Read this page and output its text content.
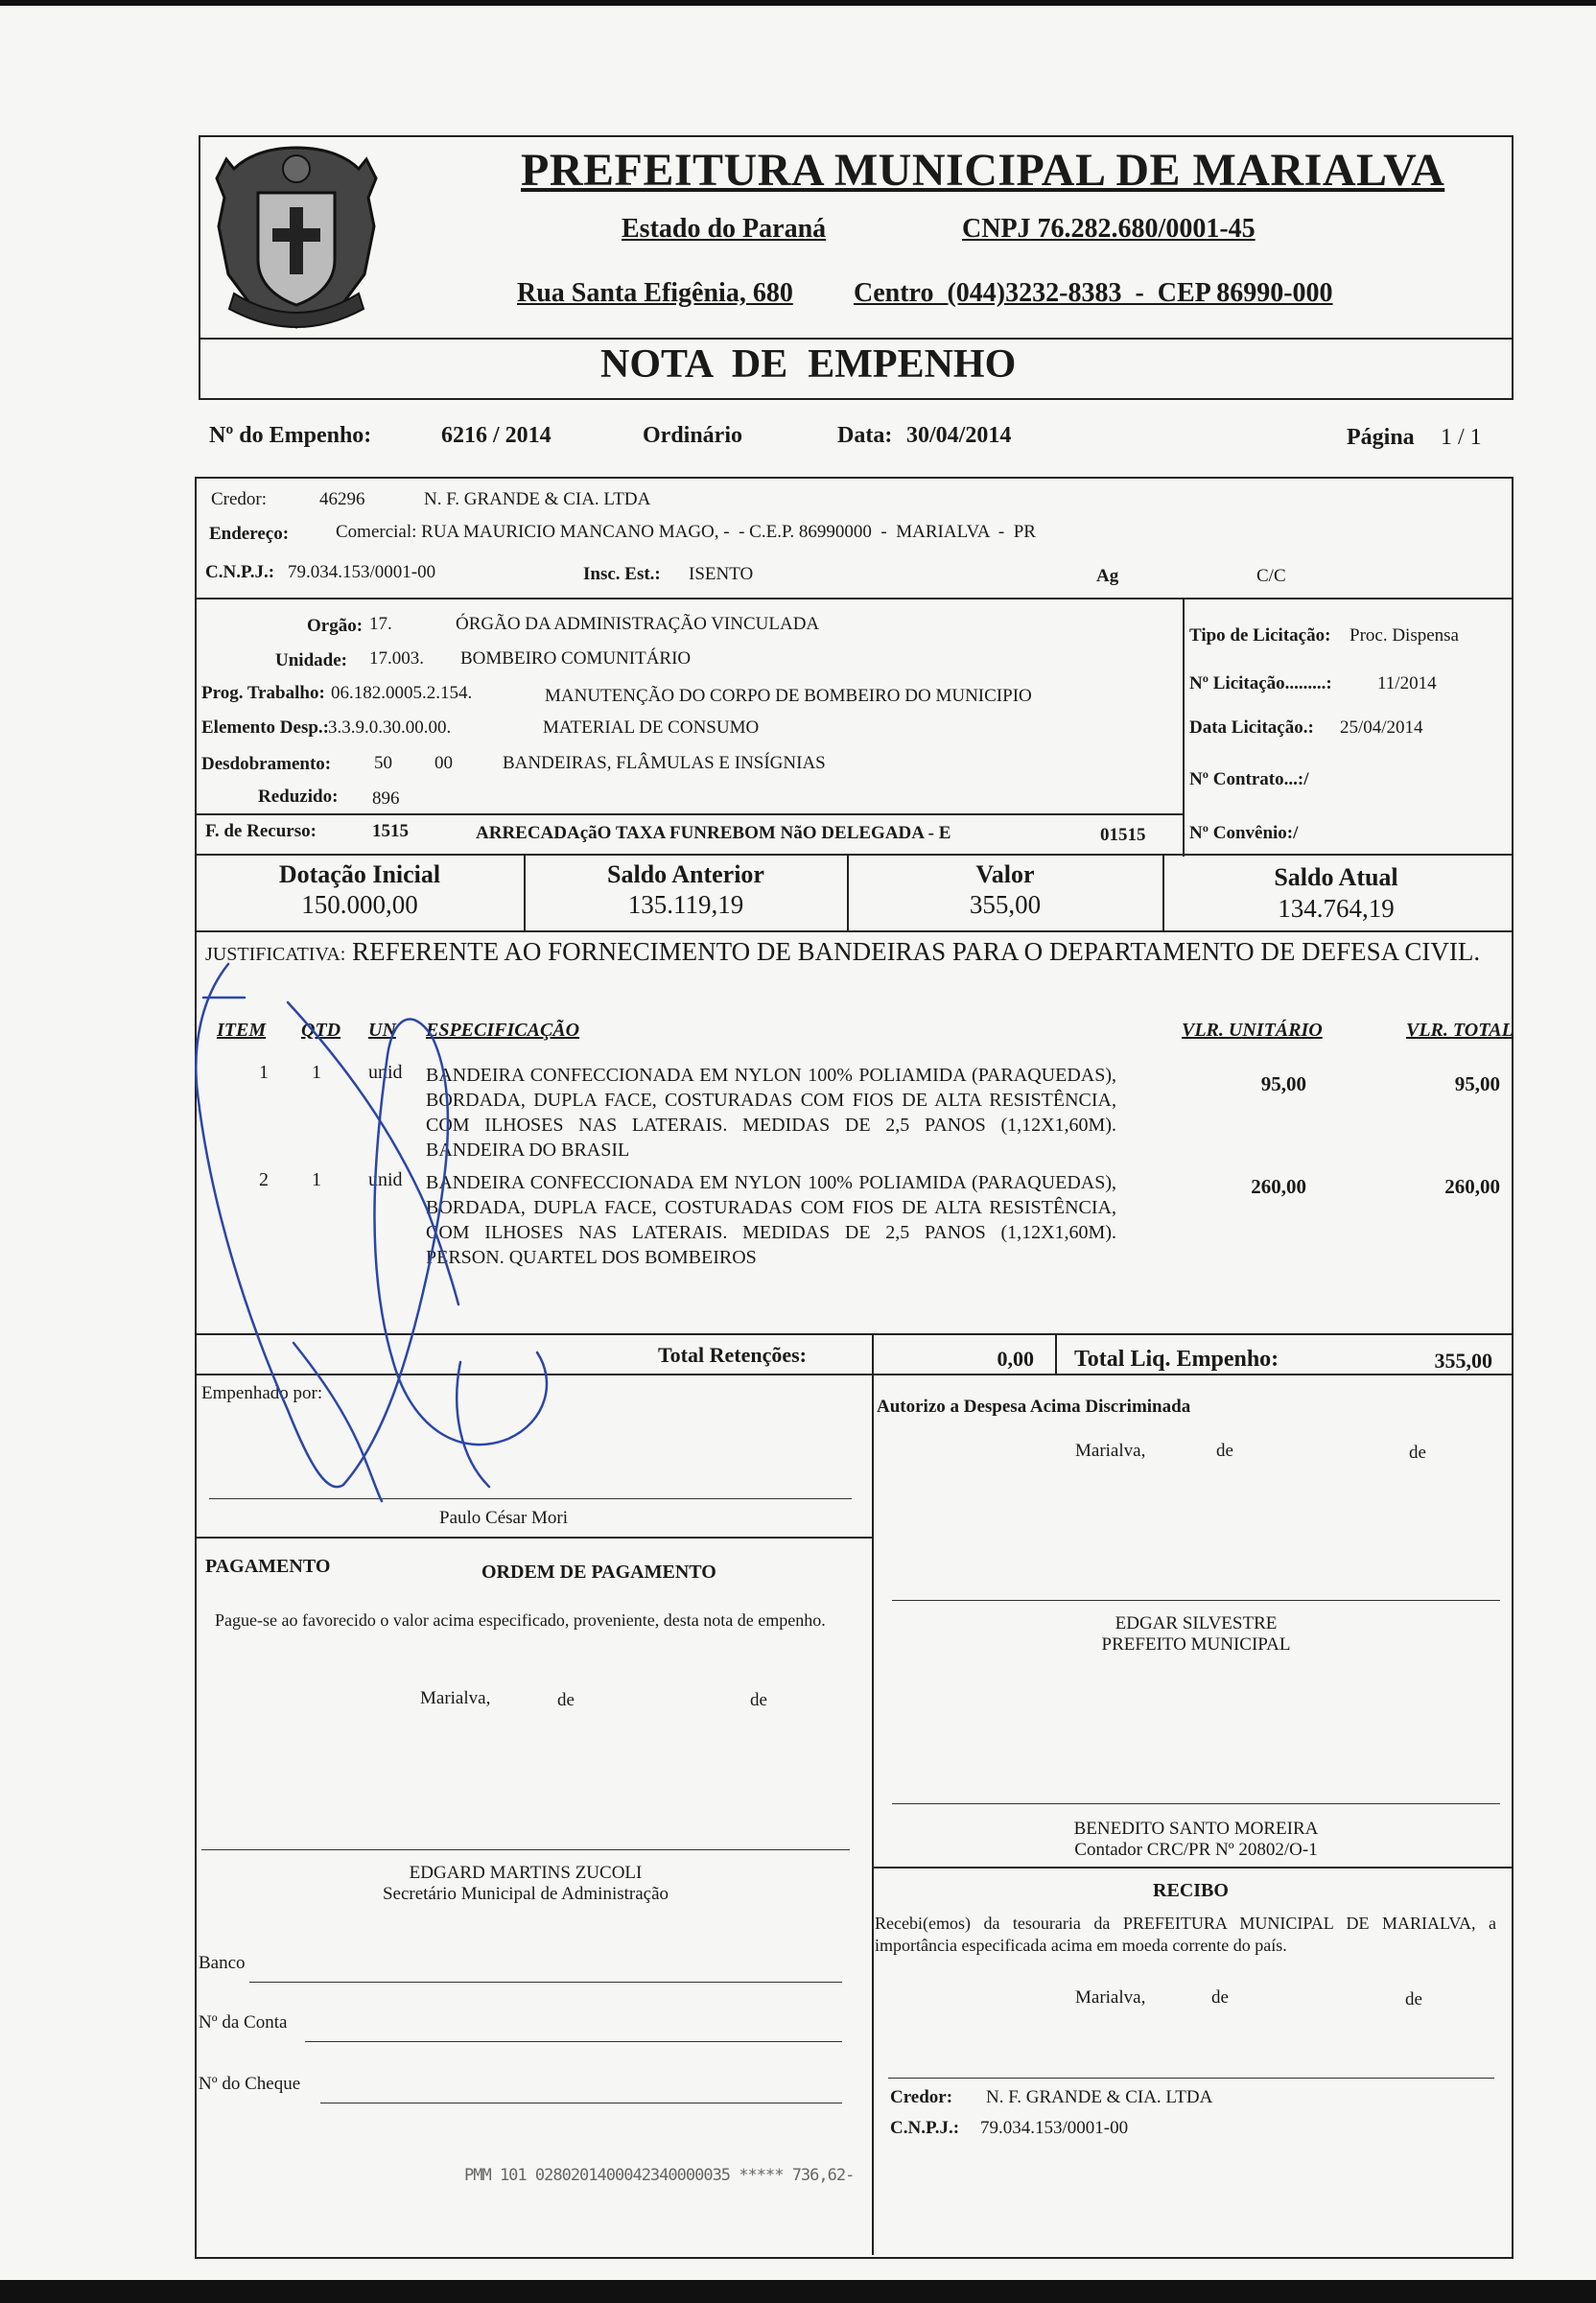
PREFEITURA MUNICIPAL DE MARIALVA
Estado do Paraná	CNPJ 76.282.680/0001-45
Rua Santa Efigênia, 680 Centro  (044)3232-8383  -  CEP 86990-000
NOTA  DE  EMPENHO
Nº do Empenho:	6216 / 2014	Ordinário	Data: 30/04/2014	Página 1 / 1
Credor:	46296	N. F. GRANDE & CIA. LTDA
Endereço:	Comercial: RUA MAURICIO MANCANO MAGO, -  - C.E.P. 86990000  -  MARIALVA  -  PR
C.N.P.J.: 79.034.153/0001-00	Insc. Est.: ISENTO	Ag	C/C
Orgão: 17.	ÓRGÃO DA ADMINISTRAÇÃO VINCULADA
Unidade: 17.003. BOMBEIRO COMUNITÁRIO
Prog. Trabalho: 06.182.0005.2.154.	MANUTENÇÃO DO CORPO DE BOMBEIRO DO MUNICIPIO
Elemento Desp.: 3.3.9.0.30.00.00.	MATERIAL DE CONSUMO
Desdobramento: 50 00	BANDEIRAS, FLÂMULAS E INSÍGNIAS
Reduzido: 896
F. de Recurso:	1515	ARRECADAçãO TAXA FUNREBOM NãO DELEGADA - E	01515
Tipo de Licitação: Proc. Dispensa
Nº Licitação.........: 11/2014
Data Licitação.: 25/04/2014
Nº Contrato...:/
Nº Convênio:/
Dotação Inicial
150.000,00
Saldo Anterior
135.119,19
Valor
355,00
Saldo Atual
134.764,19
JUSTIFICATIVA: REFERENTE AO FORNECIMENTO DE BANDEIRAS PARA O DEPARTAMENTO DE DEFESA CIVIL.
ITEM QTD UN ESPECIFICAÇÃO	VLR. UNITÁRIO	VLR. TOTAL
1 1 unid BANDEIRA CONFECCIONADA EM NYLON 100% POLIAMIDA (PARAQUEDAS), BORDADA, DUPLA FACE, COSTURADAS COM FIOS DE ALTA RESISTÊNCIA, COM ILHOSES NAS LATERAIS. MEDIDAS DE 2,5 PANOS (1,12X1,60M). BANDEIRA DO BRASIL
95,00	95,00
2 1 unid BANDEIRA CONFECCIONADA EM NYLON 100% POLIAMIDA (PARAQUEDAS), BORDADA, DUPLA FACE, COSTURADAS COM FIOS DE ALTA RESISTÊNCIA, COM ILHOSES NAS LATERAIS. MEDIDAS DE 2,5 PANOS (1,12X1,60M). PERSON. QUARTEL DOS BOMBEIROS
260,00	260,00
Total Retenções:	0,00 Total Liq. Empenho:	355,00
Empenhado por:
Paulo César Mori
Autorizo a Despesa Acima Discriminada
Marialva,	de	de
PAGAMENTO	ORDEM DE PAGAMENTO
Pague-se ao favorecido o valor acima especificado, proveniente, desta nota de empenho.
Marialva,	de	de
EDGAR SILVESTRE
PREFEITO MUNICIPAL
BENEDITO SANTO MOREIRA
Contador CRC/PR Nº 20802/O-1
EDGARD MARTINS ZUCOLI
Secretário Municipal de Administração	RECIBO
Recebi(emos) da tesouraria da PREFEITURA MUNICIPAL DE MARIALVA, a importância especificada acima em moeda corrente do país.
Marialva,	de	de
Banco
Nº da Conta
Nº do Cheque
Credor: N. F. GRANDE & CIA. LTDA
C.N.P.J.: 79.034.153/0001-00
PMM 101 0280201400042340000035 ***** 736,62-
